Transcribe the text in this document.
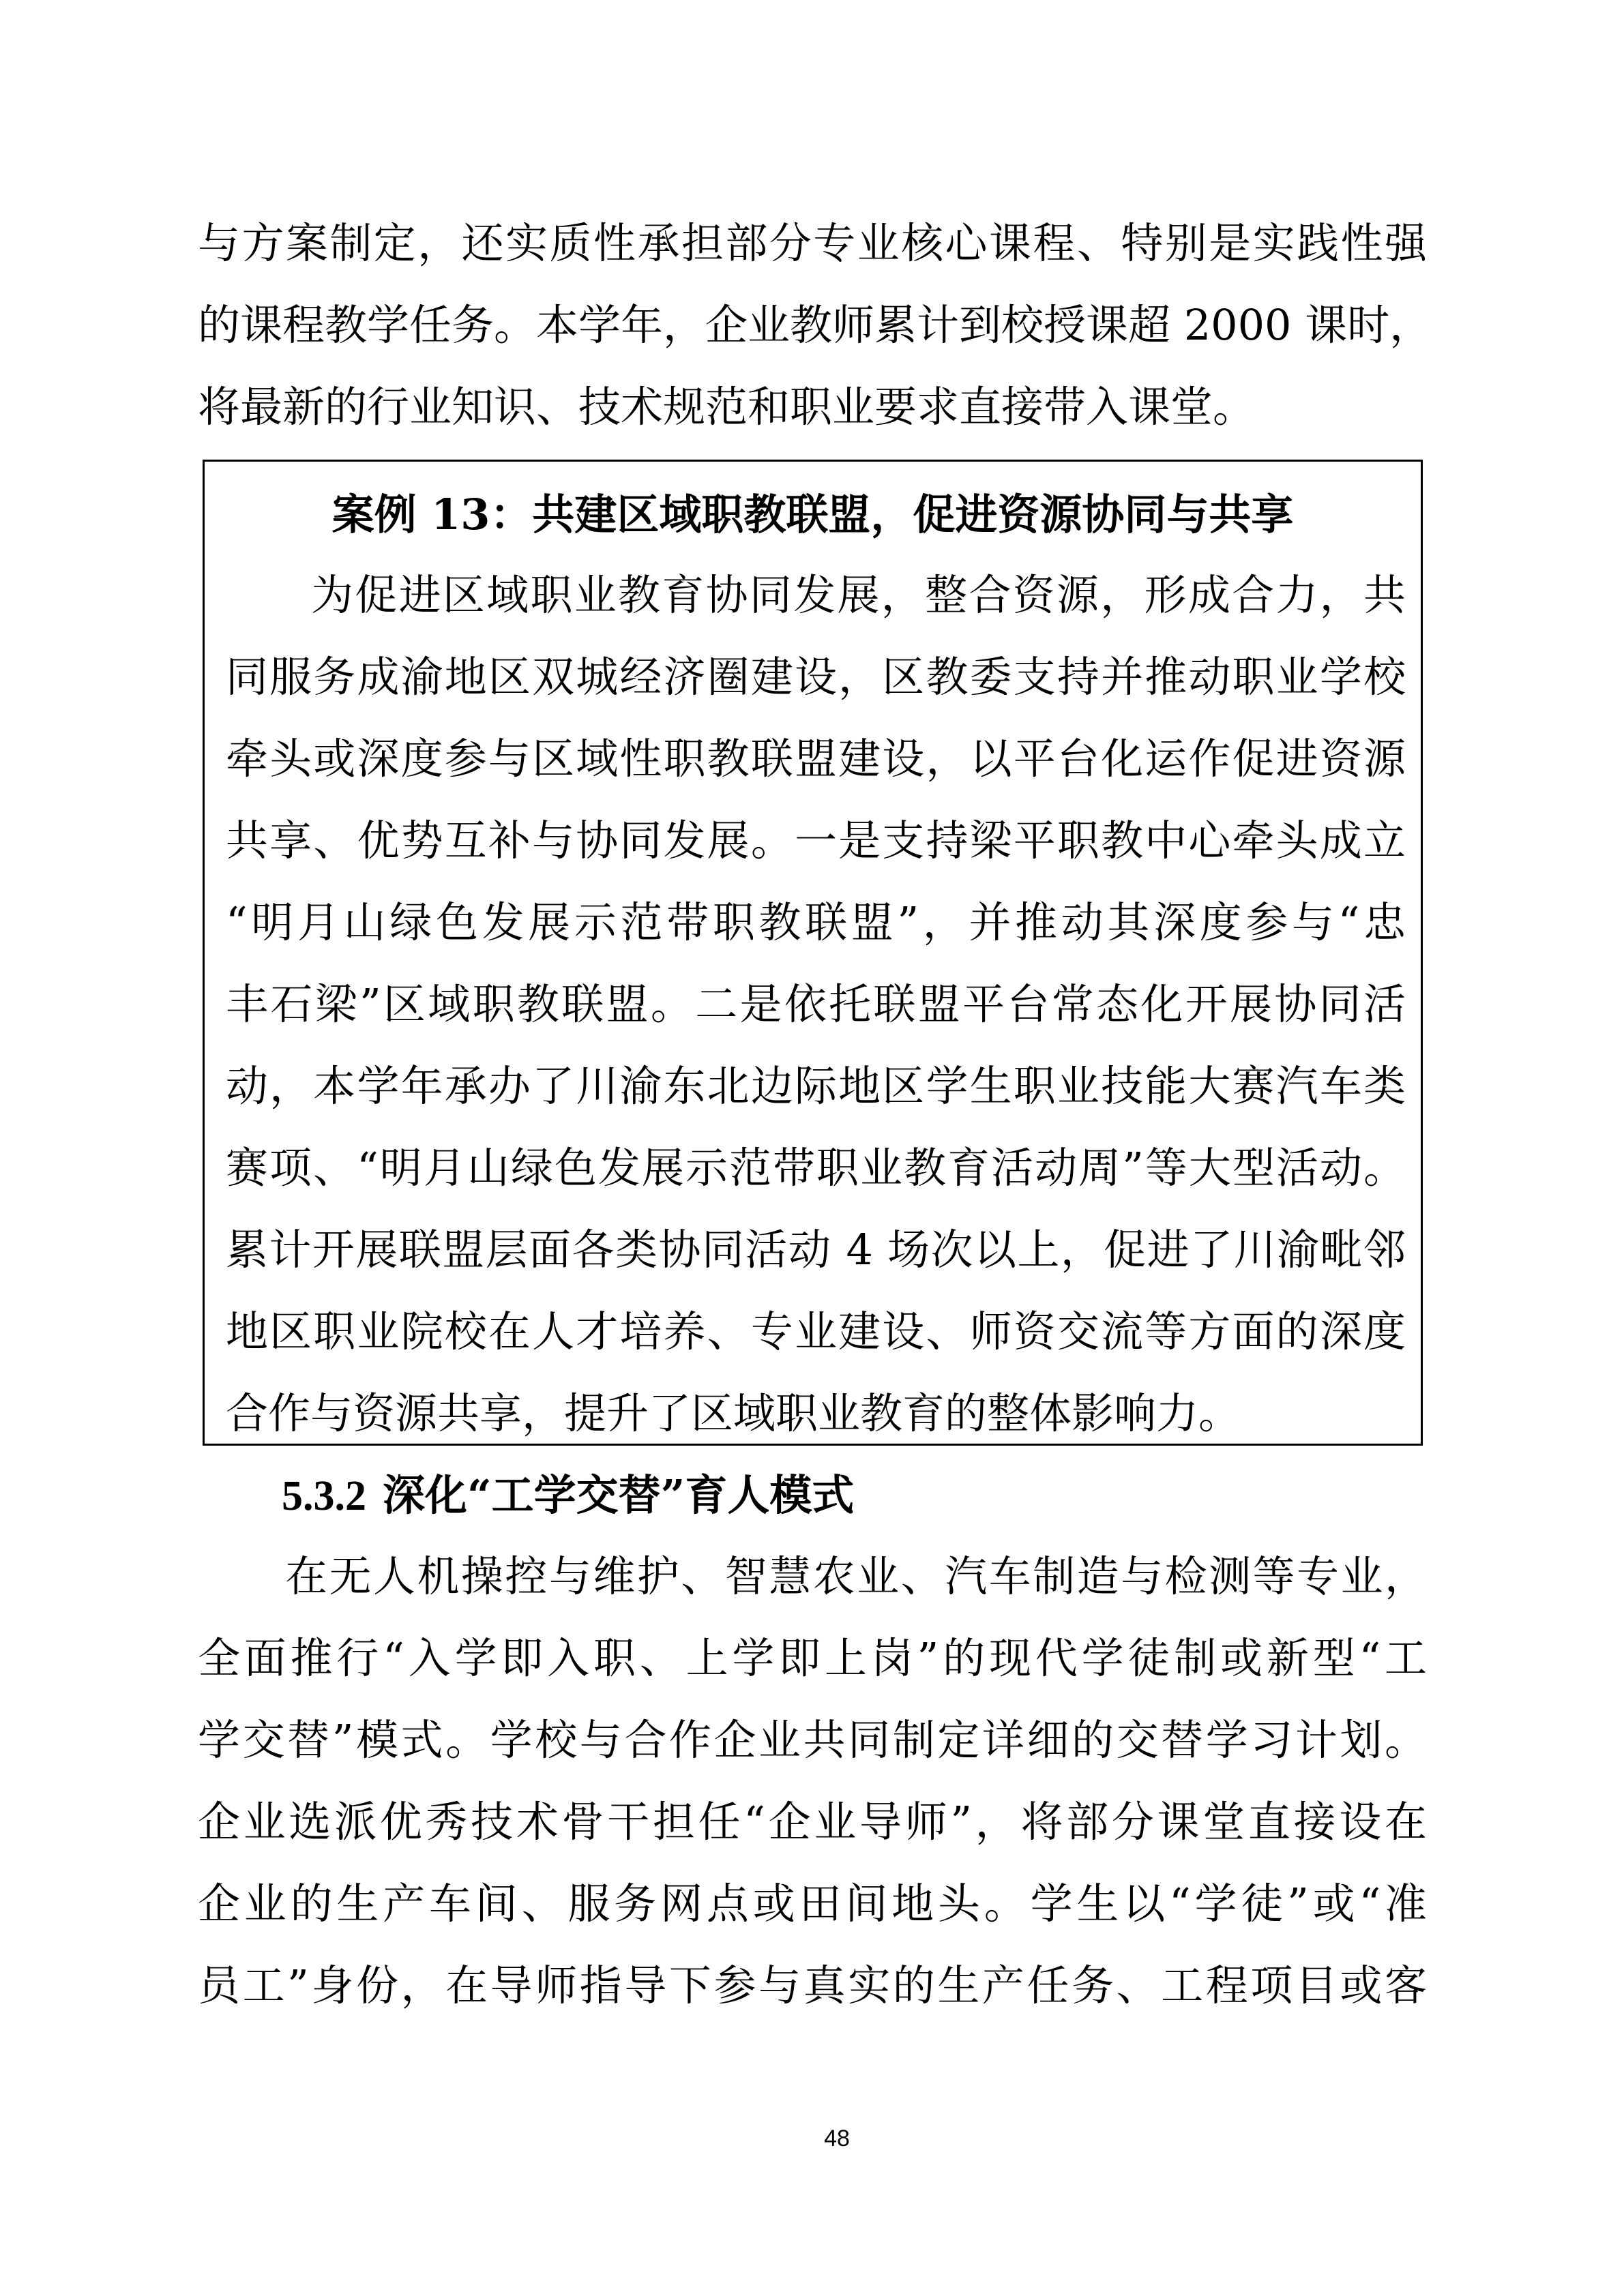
与方案制定，还实质性承担部分专业核心课程、特别是实践性强
的课程教学任务。本学年，企业教师累计到校授课超 2000 课时，
将最新的行业知识、技术规范和职业要求直接带入课堂。
案例 13：共建区域职教联盟，促进资源协同与共享
为促进区域职业教育协同发展，整合资源，形成合力，共
同服务成渝地区双城经济圈建设，区教委支持并推动职业学校
牵头或深度参与区域性职教联盟建设，以平台化运作促进资源
共享、优势互补与协同发展。一是支持梁平职教中心牵头成立
“明月山绿色发展示范带职教联盟”，并推动其深度参与“忠
丰石梁”区域职教联盟。二是依托联盟平台常态化开展协同活
动，本学年承办了川渝东北边际地区学生职业技能大赛汽车类
赛项、“明月山绿色发展示范带职业教育活动周”等大型活动。
累计开展联盟层面各类协同活动 4 场次以上，促进了川渝毗邻
地区职业院校在人才培养、专业建设、师资交流等方面的深度
合作与资源共享，提升了区域职业教育的整体影响力。
5.3.2 深化“工学交替”育人模式
在无人机操控与维护、智慧农业、汽车制造与检测等专业，
全面推行“入学即入职、上学即上岗”的现代学徒制或新型“工
学交替”模式。学校与合作企业共同制定详细的交替学习计划。
企业选派优秀技术骨干担任“企业导师”，将部分课堂直接设在
企业的生产车间、服务网点或田间地头。学生以“学徒”或“准
员工”身份，在导师指导下参与真实的生产任务、工程项目或客
48
